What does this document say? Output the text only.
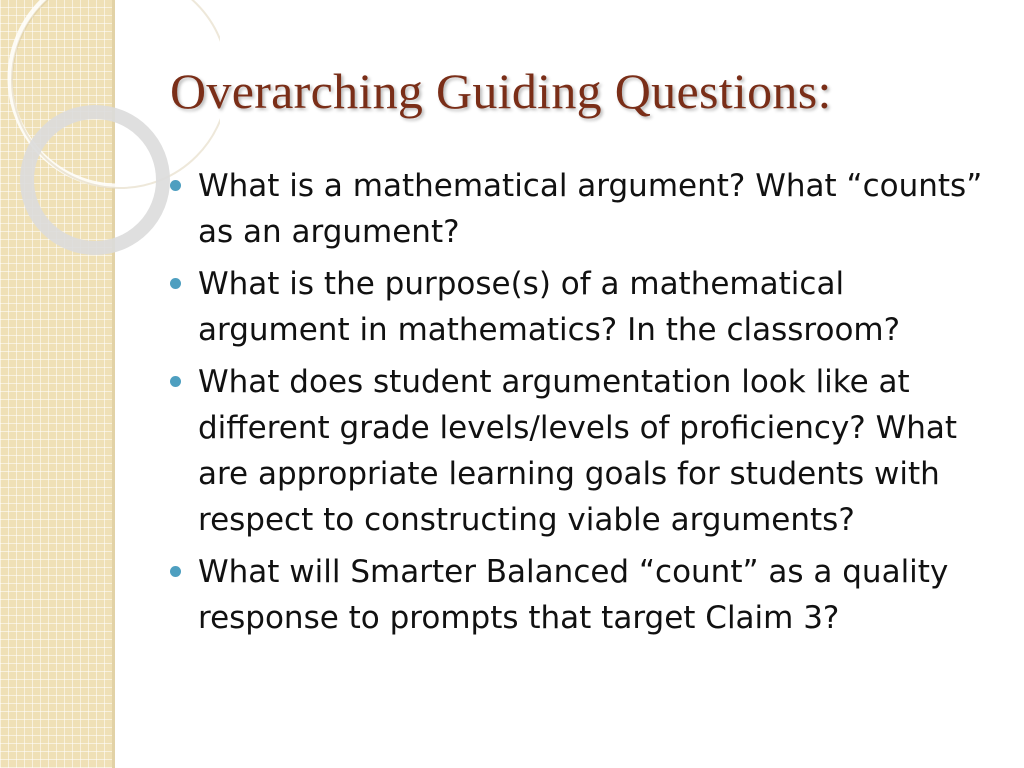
Overarching Guiding Questions:
What is a mathematical argument? What “counts” as an argument?
What is the purpose(s) of a mathematical argument in mathematics? In the classroom?
What does student argumentation look like at different grade levels/levels of proficiency? What are appropriate learning goals for students with respect to constructing viable arguments?
What will Smarter Balanced “count” as a quality response to prompts that target Claim 3?
